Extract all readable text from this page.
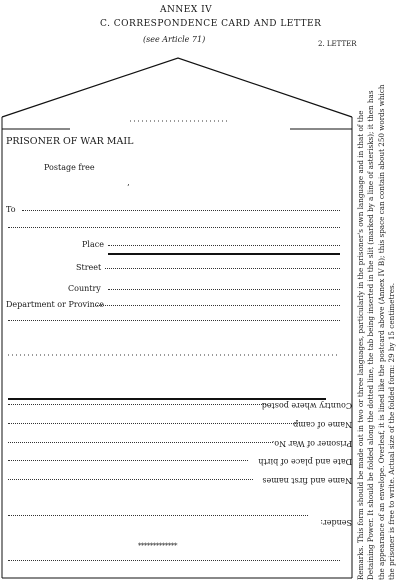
ANNEX IV
C. CORRESPONDENCE CARD AND LETTER
(see Article 71)	2. LETTER
PRISONER OF WAR MAIL
Postage free
’
To
Place
Street
Country
Department or Province
Country where posted
Name of camp
Prisoner of War No.
Date and place of birth
Name and first names
Sender:
*************	Remarks. This form should be made out in two or three languages, particularly in the prisoner's own language and in that of the Detaining Power. It should be folded along the dotted line, the tab being inserted in the slit (marked by a line of asterisks); it then has the appearance of an envelope. Overleaf, it is lined like the postcard above (Annex IV B); this space can contain about 250 words which the prisoner is free to write. Actual size of the folded form: 29 by 15 centimetres.
